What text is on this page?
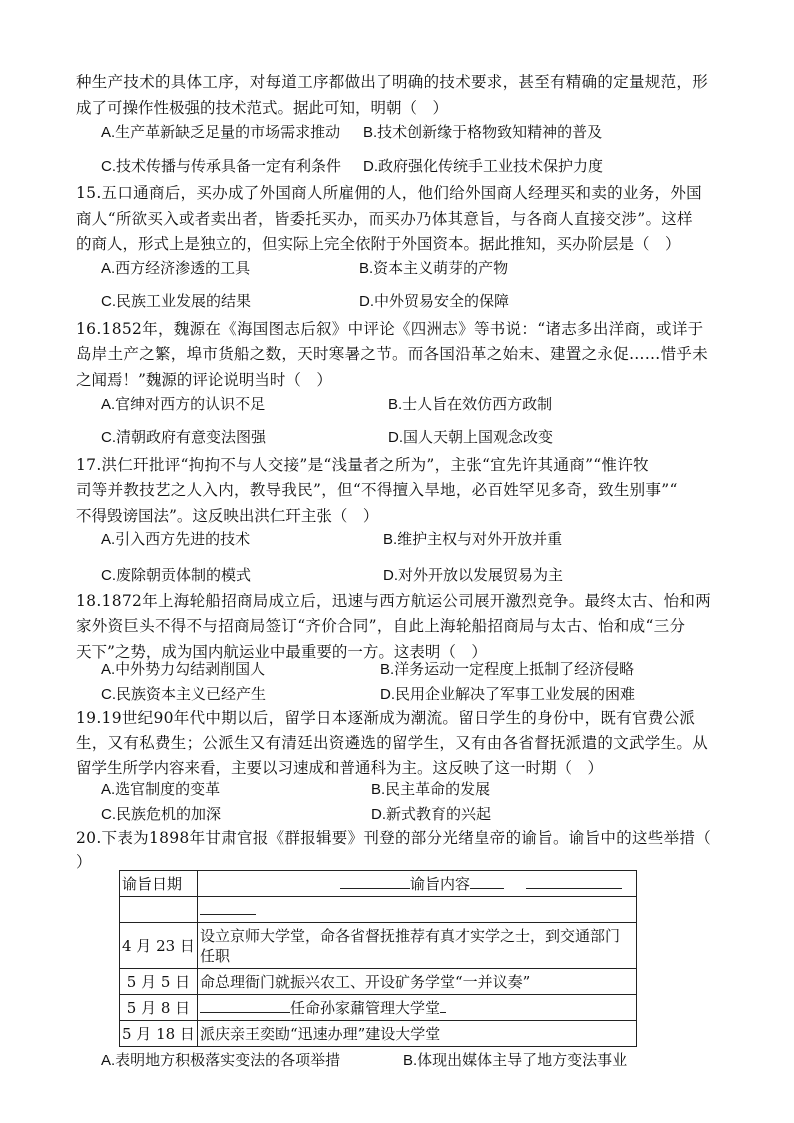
种生产技术的具体工序，对每道工序都做出了明确的技术要求，甚至有精确的定量规范，形
成了可操作性极强的技术范式。据此可知，明朝（　）
A.生产革新缺乏足量的市场需求推动 B.技术创新缘于格物致知精神的普及
C.技术传播与传承具备一定有利条件 D.政府强化传统手工业技术保护力度
15.五口通商后，买办成了外国商人所雇佣的人，他们给外国商人经理买和卖的业务，外国
商人“所欲买入或者卖出者，皆委托买办，而买办乃体其意旨，与各商人直接交涉”。这样
的商人，形式上是独立的，但实际上完全依附于外国资本。据此推知，买办阶层是（　）
A.西方经济渗透的工具	B.资本主义萌芽的产物
C.民族工业发展的结果	D.中外贸易安全的保障
16.1852年，魏源在《海国图志后叙》中评论《四洲志》等书说：“诸志多出洋商，或详于
岛岸土产之繁，埠市货船之数，天时寒暑之节。而各国沿革之始末、建置之永促……惜乎未
之闻焉！”魏源的评论说明当时（　）
A.官绅对西方的认识不足	B.士人旨在效仿西方政制
C.清朝政府有意变法图强	D.国人天朝上国观念改变
17.洪仁玕批评“拘拘不与人交接”是“浅量者之所为”，主张“宜先许其通商”“惟许牧
司等并教技艺之人入内，教导我民”，但“不得擅入旱地，必百姓罕见多奇，致生别事”“
不得毁谤国法”。这反映出洪仁玕主张（　）
A.引入西方先进的技术	B.维护主权与对外开放并重
C.废除朝贡体制的模式	D.对外开放以发展贸易为主
18.1872年上海轮船招商局成立后，迅速与西方航运公司展开激烈竞争。最终太古、怡和两
家外资巨头不得不与招商局签订“齐价合同”，自此上海轮船招商局与太古、怡和成“三分
天下”之势，成为国内航运业中最重要的一方。这表明（　）
A.中外势力勾结剥削国人	B.洋务运动一定程度上抵制了经济侵略
C.民族资本主义已经产生	D.民用企业解决了军事工业发展的困难
19.19世纪90年代中期以后，留学日本逐渐成为潮流。留日学生的身份中，既有官费公派
生，又有私费生；公派生又有清廷出资遴选的留学生，又有由各省督抚派遣的文武学生。从
留学生所学内容来看，主要以习速成和普通科为主。这反映了这一时期（　）
A.选官制度的变革	B.民主革命的发展
C.民族危机的加深	D.新式教育的兴起
20.下表为1898年甘肃官报《群报辑要》刊登的部分光绪皇帝的谕旨。谕旨中的这些举措（
）
谕旨日期	谕旨内容

4 月 23 日	设立京师大学堂，命各省督抚推荐有真才实学之士，到交通部门任职
5 月 5 日	命总理衙门就振兴农工、开设矿务学堂“一并议奏”
5 月 8 日	任命孙家鼐管理大学堂
5 月 18 日	派庆亲王奕劻“迅速办理”建设大学堂
A.表明地方积极落实变法的各项举措	B.体现出媒体主导了地方变法事业
